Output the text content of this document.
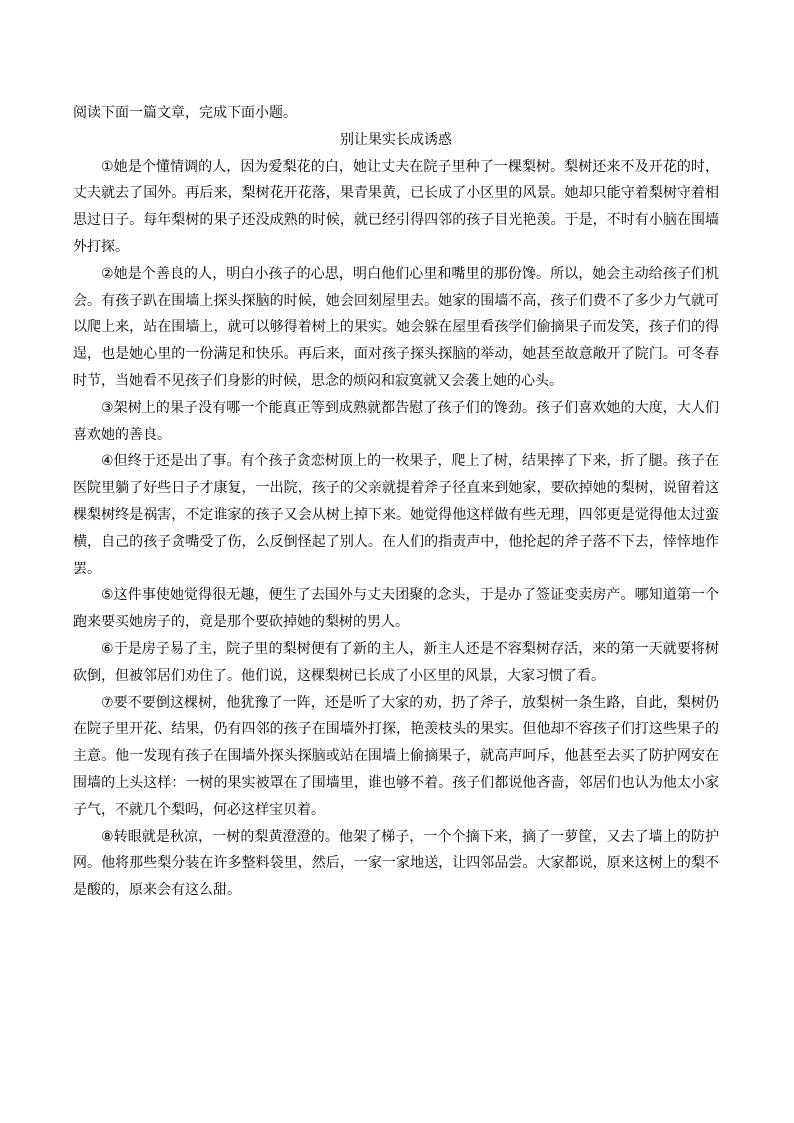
阅读下面一篇文章，完成下面小题。

别让果实长成诱惑

①她是个懂情调的人，因为爱梨花的白，她让丈夫在院子里种了一棵梨树。梨树还来不及开花的时，丈夫就去了国外。再后来，梨树花开花落，果青果黄，已长成了小区里的风景。她却只能守着梨树守着相思过日子。每年梨树的果子还没成熟的时候，就已经引得四邻的孩子目光艳羡。于是，不时有小脑在围墙外打探。

②她是个善良的人，明白小孩子的心思，明白他们心里和嘴里的那份馋。所以，她会主动给孩子们机会。有孩子趴在围墙上探头探脑的时候，她会回刻屋里去。她家的围墙不高，孩子们费不了多少力气就可以爬上来，站在围墙上，就可以够得着树上的果实。她会躲在屋里看孩学们偷摘果子而发笑，孩子们的得逞，也是她心里的一份满足和快乐。再后来，面对孩子探头探脑的举动，她甚至故意敞开了院门。可冬春时节，当她看不见孩子们身影的时候，思念的烦闷和寂寞就又会袭上她的心头。

③架树上的果子没有哪一个能真正等到成熟就都告慰了孩子们的馋劲。孩子们喜欢她的大度，大人们喜欢她的善良。

④但终于还是出了事。有个孩子贪恋树顶上的一枚果子，爬上了树，结果摔了下来，折了腿。孩子在医院里躺了好些日子才康复，一出院，孩子的父亲就提着斧子径直来到她家，要砍掉她的梨树，说留着这棵梨树终是祸害，不定谁家的孩子又会从树上掉下来。她觉得他这样做有些无理，四邻更是觉得他太过蛮横，自己的孩子贪嘴受了伤，么反倒怪起了别人。在人们的指责声中，他抡起的斧子落不下去，悻悻地作罢。

⑤这件事使她觉得很无趣，便生了去国外与丈夫团聚的念头，于是办了签证变卖房产。哪知道第一个跑来要买她房子的，竟是那个要砍掉她的梨树的男人。

⑥于是房子易了主，院子里的梨树便有了新的主人，新主人还是不容梨树存活，来的第一天就要将树砍倒，但被邻居们劝住了。他们说，这棵梨树已长成了小区里的风景，大家习惯了看。

⑦要不要倒这棵树，他犹豫了一阵，还是听了大家的劝，扔了斧子，放梨树一条生路，自此，梨树仍在院子里开花、结果，仍有四邻的孩子在围墙外打探，艳羡枝头的果实。但他却不容孩子们打这些果子的主意。他一发现有孩子在围墙外探头探脑或站在围墙上偷摘果子，就高声呵斥，他甚至去买了防护网安在围墙的上头这样：一树的果实被罩在了围墙里，谁也够不着。孩子们都说他吝啬，邻居们也认为他太小家子气，不就几个梨吗，何必这样宝贝着。

⑧转眼就是秋凉，一树的梨黄澄澄的。他架了梯子，一个个摘下来，摘了一萝筐，又去了墙上的防护网。他将那些梨分装在许多整料袋里，然后，一家一家地送，让四邻品尝。大家都说，原来这树上的梨不是酸的，原来会有这么甜。
